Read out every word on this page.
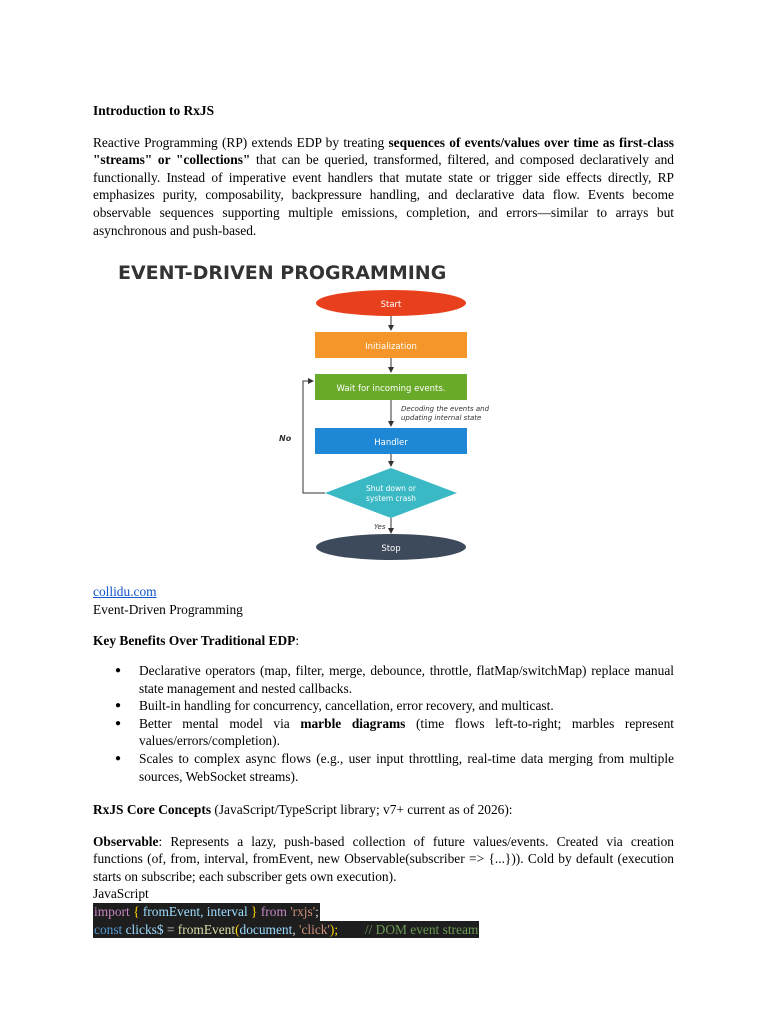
Introduction to RxJS

Reactive Programming (RP) extends EDP by treating sequences of events/values over time as first-class "streams" or "collections" that can be queried, transformed, filtered, and composed declaratively and functionally. Instead of imperative event handlers that mutate state or trigger side effects directly, RP emphasizes purity, composability, backpressure handling, and declarative data flow. Events become observable sequences supporting multiple emissions, completion, and errors—similar to arrays but asynchronous and push-based.

EVENT-DRIVEN PROGRAMMING
Start
Initialization
Wait for incoming events.
Decoding the events and
updating internal state
Handler
Shut down or
system crash
No
Yes
Stop
collidu.com
Event-Driven Programming

Key Benefits Over Traditional EDP:

● Declarative operators (map, filter, merge, debounce, throttle, flatMap/switchMap) replace manual state management and nested callbacks.
● Built-in handling for concurrency, cancellation, error recovery, and multicast.
● Better mental model via marble diagrams (time flows left-to-right; marbles represent values/errors/completion).
● Scales to complex async flows (e.g., user input throttling, real-time data merging from multiple sources, WebSocket streams).

RxJS Core Concepts (JavaScript/TypeScript library; v7+ current as of 2026):

Observable: Represents a lazy, push-based collection of future values/events. Created via creation functions (of, from, interval, fromEvent, new Observable(subscriber => {...})). Cold by default (execution starts on subscribe; each subscriber gets own execution).

JavaScript
import { fromEvent, interval } from 'rxjs';
const clicks$ = fromEvent(document, 'click');        // DOM event stream
